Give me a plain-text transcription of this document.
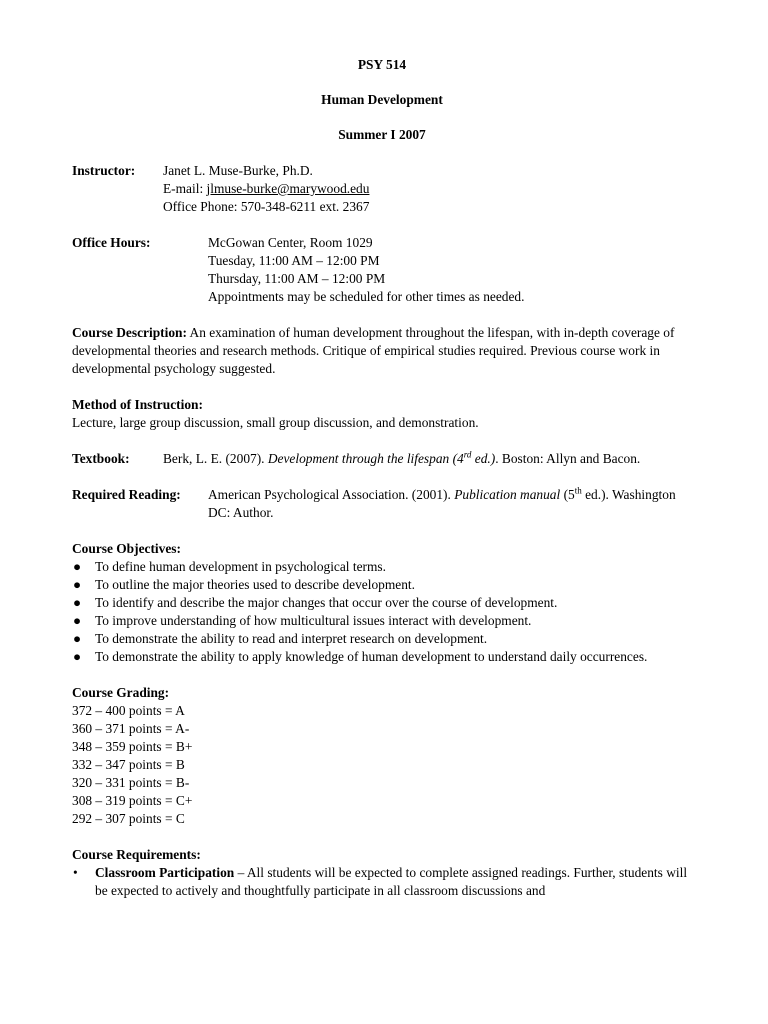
PSY 514
Human Development
Summer I 2007
Instructor:	Janet L. Muse-Burke, Ph.D.
E-mail: jlmuse-burke@marywood.edu
Office Phone: 570-348-6211 ext. 2367
Office Hours:	McGowan Center, Room 1029
Tuesday, 11:00 AM – 12:00 PM
Thursday, 11:00 AM – 12:00 PM
Appointments may be scheduled for other times as needed.
Course Description: An examination of human development throughout the lifespan, with in-depth coverage of developmental theories and research methods. Critique of empirical studies required. Previous course work in developmental psychology suggested.
Method of Instruction:
Lecture, large group discussion, small group discussion, and demonstration.
Textbook:	Berk, L. E. (2007). Development through the lifespan (4rd ed.). Boston: Allyn and Bacon.
Required Reading:	American Psychological Association. (2001). Publication manual (5th ed.). Washington DC: Author.
Course Objectives:
●	To define human development in psychological terms.
●	To outline the major theories used to describe development.
●	To identify and describe the major changes that occur over the course of development.
●	To improve understanding of how multicultural issues interact with development.
●	To demonstrate the ability to read and interpret research on development.
●	To demonstrate the ability to apply knowledge of human development to understand daily occurrences.
Course Grading:
372 – 400 points = A
360 – 371 points = A-
348 – 359 points = B+
332 – 347 points = B
320 – 331 points = B-
308 – 319 points = C+
292 – 307 points = C
Course Requirements:
•	Classroom Participation – All students will be expected to complete assigned readings. Further, students will be expected to actively and thoughtfully participate in all classroom discussions and
